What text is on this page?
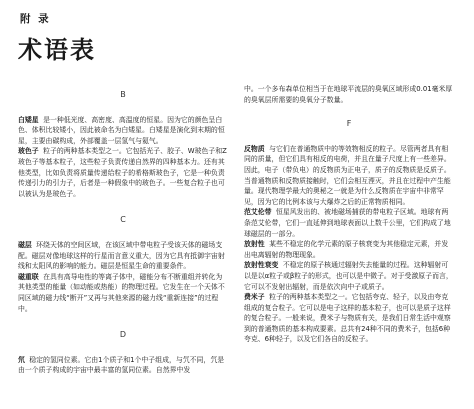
附 录
术语表
B

白矮星 是一种低光度、高密度、高温度的恒星。因为它的颜色呈白色、体积比较矮小，因此被命名为白矮星。白矮星是演化到末期的恒星，主要由碳构成，外部覆盖一层氢气与氦气。

玻色子 粒子的两种基本类型之一。它包括光子、胶子、W玻色子和Z玻色子等基本粒子，这些粒子负责传递自然界的四种基本力。还有其他类型，比如负责将质量传递给粒子的希格斯玻色子，它是一种负责传递引力的引力子，后者是一种假象中的玻色子。一些复合粒子也可以被认为是玻色子。

C

磁层 环绕天体的空间区域，在该区域中带电粒子受该天体的磁场支配。磁层对像地球这样的行星而言意义重大，因为它具有抵御宇宙射线和太阳风的影响的能力。磁层是恒星生命的重要条件。

磁重联 在具有高导电性的等离子体中，磁能分布不断重组并转化为其他类型的能量（如动能或热能）的物理过程。它发生在一个天体不同区域的磁力线“断开”又再与其他来源的磁力线“重新连接”的过程中。

D

氘 稳定的氢同位素。它由1个质子和1个中子组成，与氕不同，氕是由一个质子构成的宇宙中最丰富的氢同位素。自然界中发

中。一个多布森单位相当于在地球平流层的臭氧区域形成0.01毫米厚的臭氧层所需要的臭氧分子数量。

F

反物质 与它们在普通物质中的等效物相反的粒子。尽管两者具有相同的质量，但它们具有相反的电荷，并且在量子尺度上有一些差异。因此，电子（带负电）的反物质为正电子，质子的反物质是反质子。当普通物质和反物质接触时，它们会相互湮灭，并且在过程中产生能量。现代物理学最大的奥秘之一就是为什么反物质在宇宙中非常罕见，因为它的比例本该与大爆炸之后的正常物质相同。

范艾伦带 恒星风发出的、被地磁场捕获的带电粒子区域。地球有两条范艾伦带，它们一直延伸到地球表面以上数千公里，它们构成了地球磁层的一部分。

放射性 某些不稳定的化学元素的原子核衰变为其他稳定元素，并发出电离辐射的物理现象。

放射性衰变 不稳定的原子核通过辐射失去能量的过程。这种辐射可以是以α粒子或β粒子的形式，也可以是中微子。对于受激原子而言，它可以不发射出辐射，而是依次向中子或质子。

费米子 粒子的两种基本类型之一。它包括夸克、轻子，以及由夸克组成的复合粒子。它可以是电子这样的基本粒子，也可以是质子这样的复合粒子。一般来说，费米子与物质有关，是我们日常生活中观察到的普通物质的基本构成要素。总共有24种不同的费米子，包括6种夸克、6种轻子，以及它们各自的反粒子。
